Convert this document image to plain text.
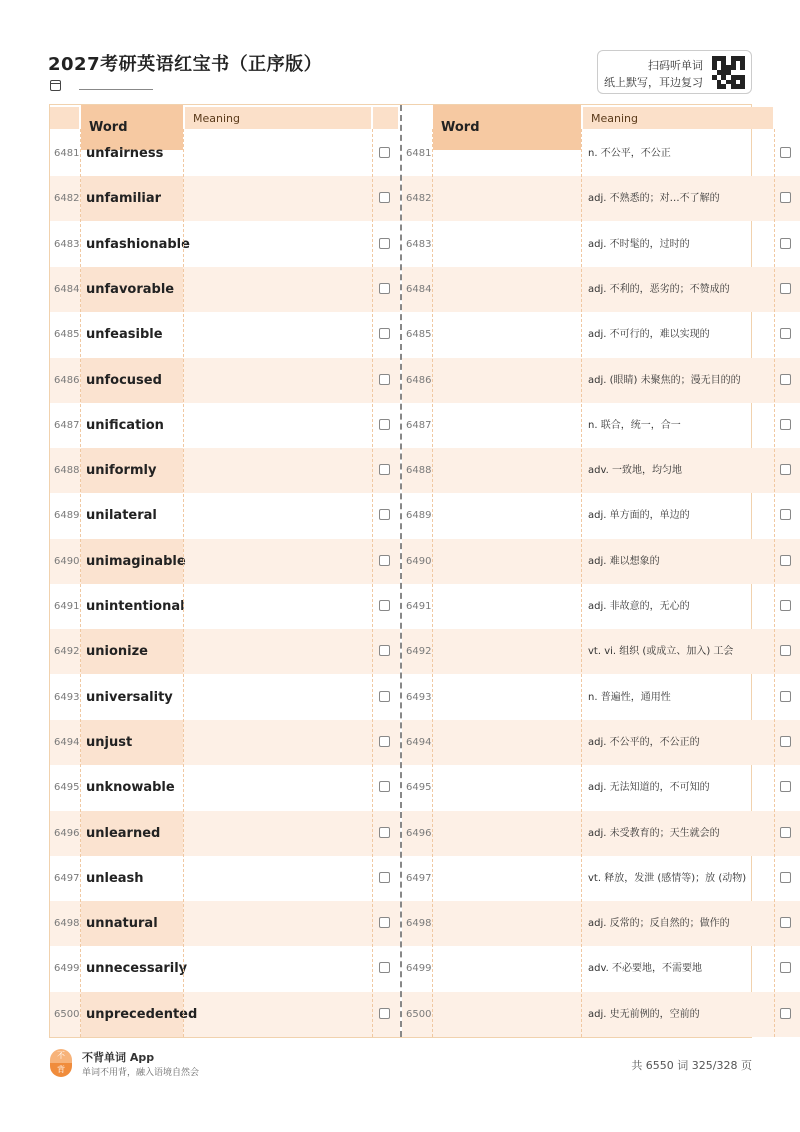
2027考研英语红宝书（正序版）	扫码听单词
纸上默写，耳边复习
Word
Meaning
6481 unfairness
6482 unfamiliar
6483 unfashionable
6484 unfavorable
6485 unfeasible
6486 unfocused
6487 unification
6488 uniformly
6489 unilateral
6490 unimaginable
6491 unintentional
6492 unionize
6493 universality
6494 unjust
6495 unknowable
6496 unlearned
6497 unleash
6498 unnatural
6499 unnecessarily
6500 unprecedented
Word
Meaning
6481	n. 不公平，不公正
6482	adj. 不熟悉的；对…不了解的
6483	adj. 不时髦的，过时的
6484	adj. 不利的，恶劣的；不赞成的
6485	adj. 不可行的，难以实现的
6486	adj. (眼睛) 未聚焦的；漫无目的的
6487	n. 联合，统一，合一
6488	adv. 一致地，均匀地
6489	adj. 单方面的，单边的
6490	adj. 难以想象的
6491	adj. 非故意的，无心的
6492	vt. vi. 组织 (或成立、加入) 工会
6493	n. 普遍性，通用性
6494	adj. 不公平的，不公正的
6495	adj. 无法知道的，不可知的
6496	adj. 未受教育的；天生就会的
6497	vt. 释放，发泄 (感情等)；放 (动物)
6498	adj. 反常的；反自然的；做作的
6499	adv. 不必要地，不需要地
6500	adj. 史无前例的，空前的
不
背
不背单词 App
单词不用背，融入语境自然会
共 6550 词 325/328 页
